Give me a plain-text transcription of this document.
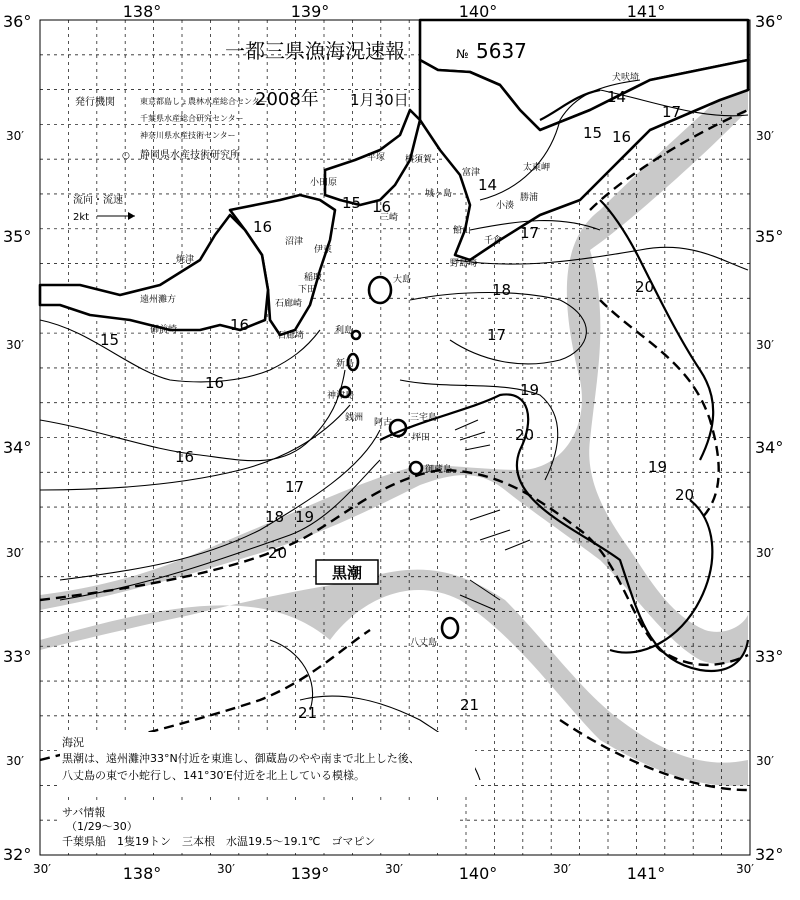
14
14
15
15
15
16
16
16
16
16
16
17
17
17
17
18
18
19
19
19
20
20
20
20
21	21
黒潮
犬吠埼
太東岬
勝浦
小湊
野島埼
千倉
館山
富津
横須賀
平塚
小田原
城ヶ島
三崎
沼津
伊東
稲取
下田
焼津
遠州灘方
御前崎
石廊崎
石廊埼
大島
利島
新島
神津島
三宅島
御蔵島
八丈島
銭洲
坪田
阿古
138°	139°	140°	141°
30′	138°	30′	139°	30′	140°	30′	141°	30′
36°
30′
35°
30′
34°
30′
33°
30′
32°
36°
30′
35°
30′
34°
30′
33°
30′
32°
一都三県漁海況速報	№ 5637
発行機関	東京都島しょ農林水産総合センター
千葉県水産総合研究センター
神奈川県水産技術センター
○ 静岡県水産技術研究所
2008年 1月30日
流向・流速
2kt
海況
黒潮は、遠州灘沖33°N付近を東進し、御蔵島のやや南まで北上した後、
八丈島の東で小蛇行し、141°30′E付近を北上している模様。
サバ情報
（1/29～30）
千葉県船　1隻19トン　三本根　水温19.5～19.1℃　ゴマピン
